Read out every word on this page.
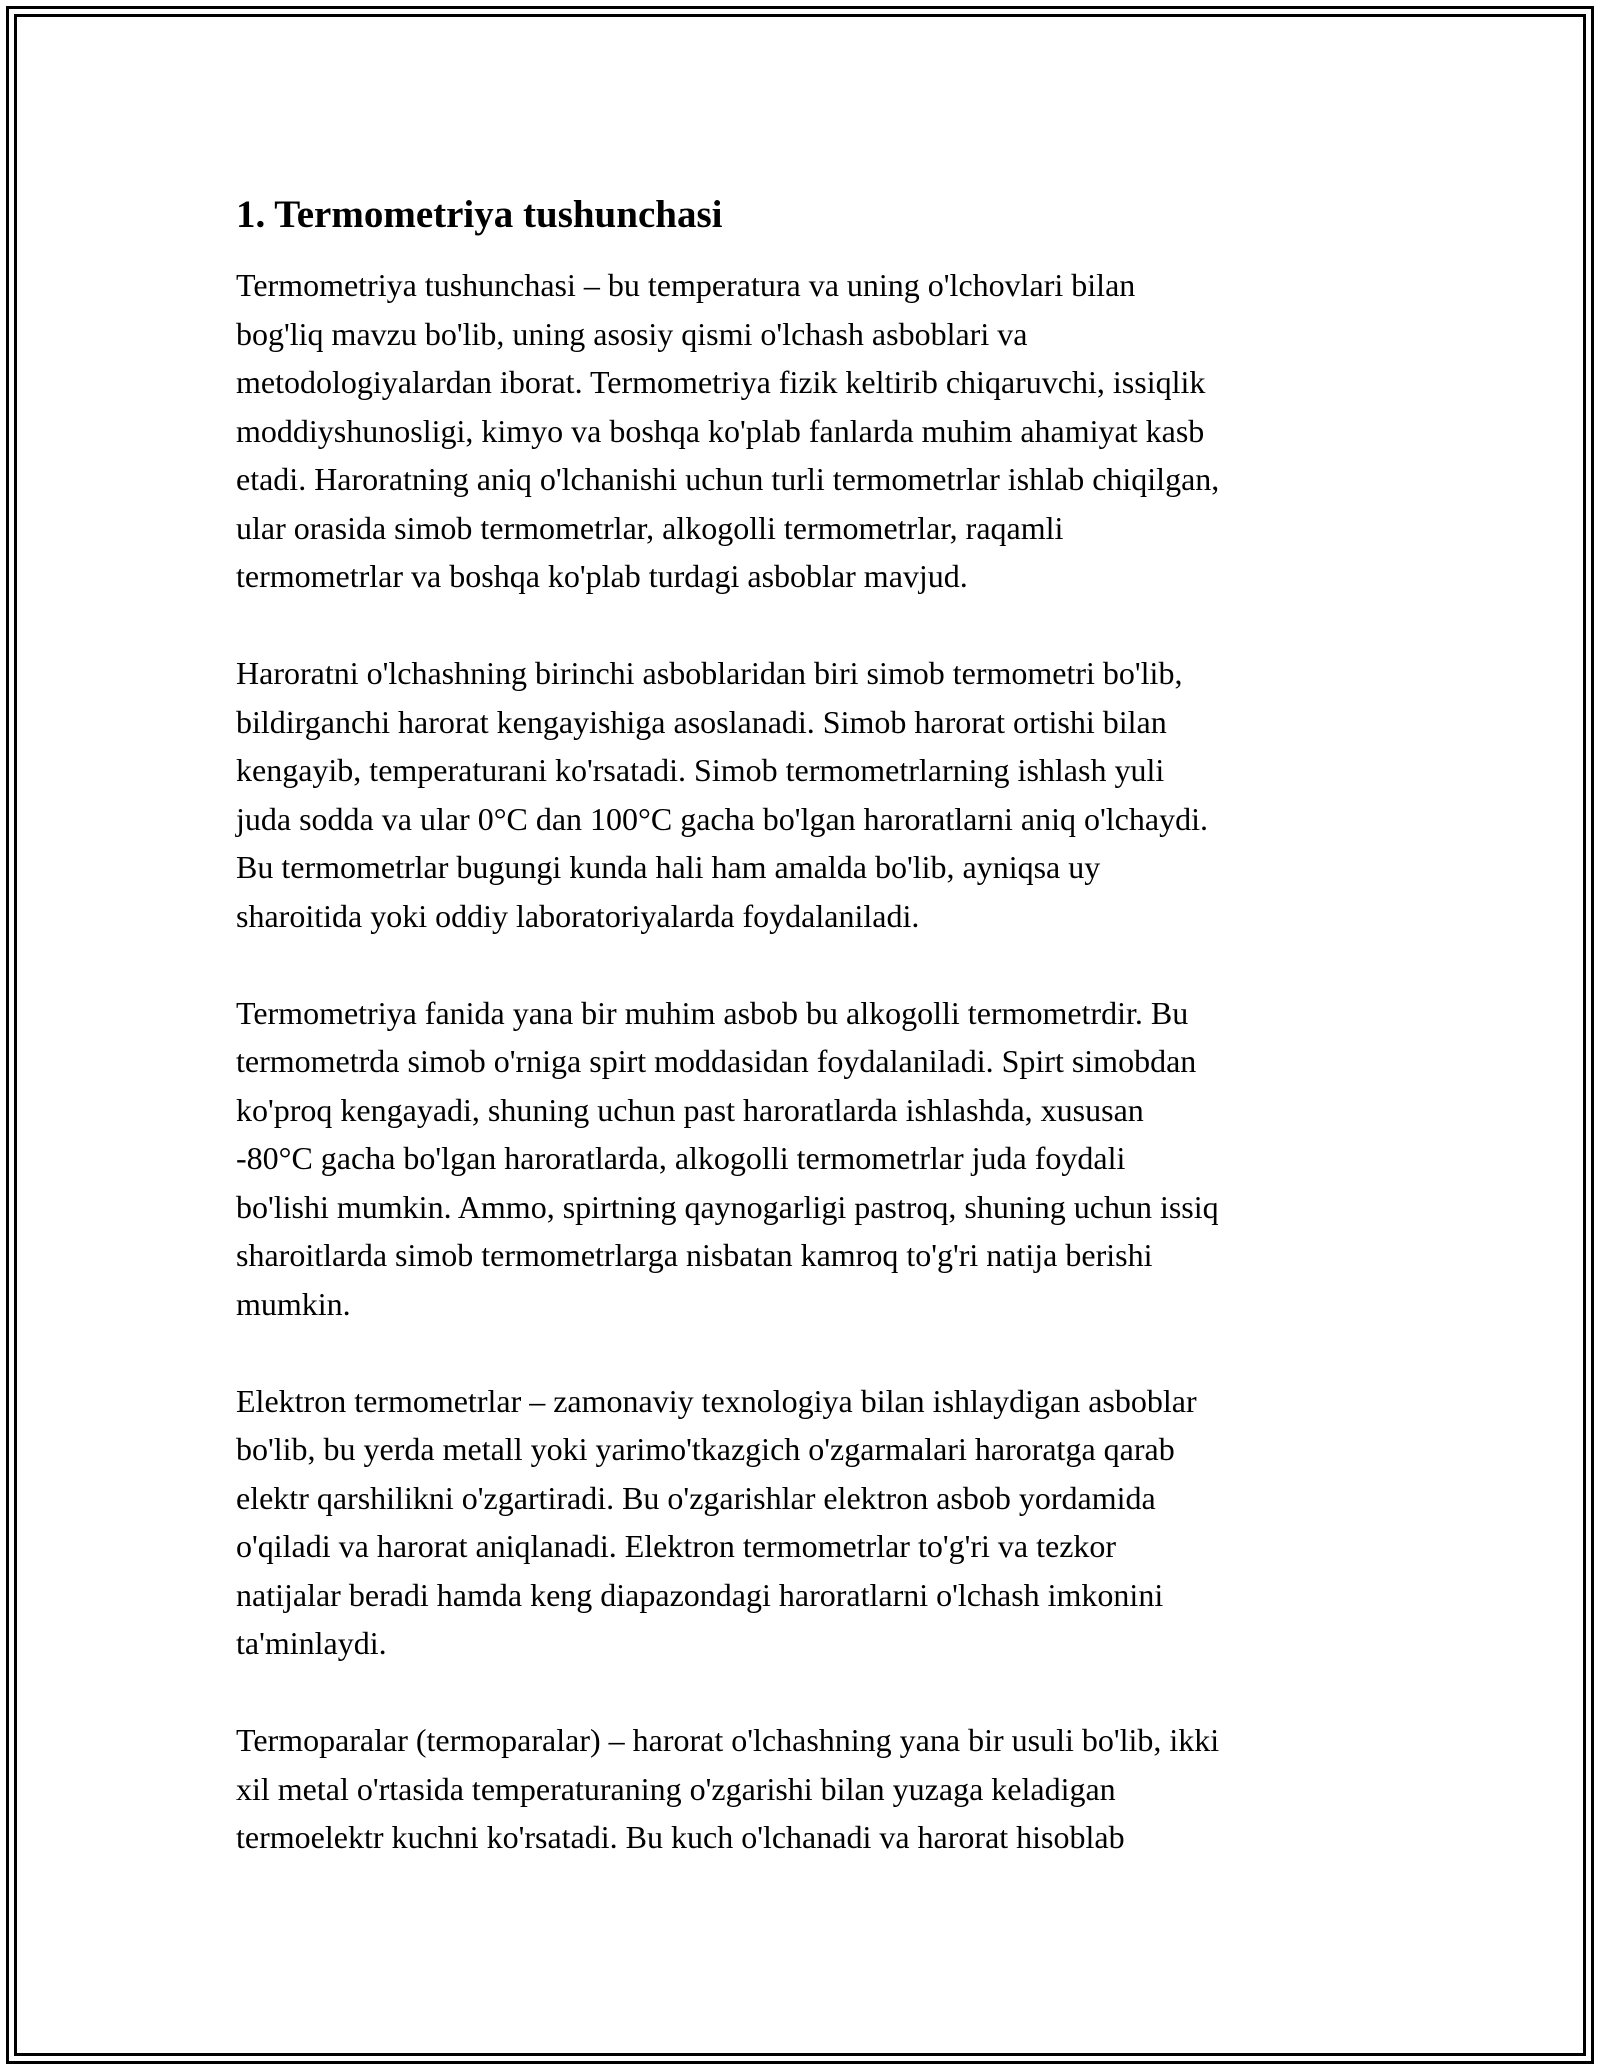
1. Termometriya tushunchasi
Termometriya tushunchasi – bu temperatura va uning o'lchovlari bilan
bog'liq mavzu bo'lib, uning asosiy qismi o'lchash asboblari va
metodologiyalardan iborat. Termometriya fizik keltirib chiqaruvchi, issiqlik
moddiyshunosligi, kimyo va boshqa ko'plab fanlarda muhim ahamiyat kasb
etadi. Haroratning aniq o'lchanishi uchun turli termometrlar ishlab chiqilgan,
ular orasida simob termometrlar, alkogolli termometrlar, raqamli
termometrlar va boshqa ko'plab turdagi asboblar mavjud.
Haroratni o'lchashning birinchi asboblaridan biri simob termometri bo'lib,
bildirganchi harorat kengayishiga asoslanadi. Simob harorat ortishi bilan
kengayib, temperaturani ko'rsatadi. Simob termometrlarning ishlash yuli
juda sodda va ular 0°C dan 100°C gacha bo'lgan haroratlarni aniq o'lchaydi.
Bu termometrlar bugungi kunda hali ham amalda bo'lib, ayniqsa uy
sharoitida yoki oddiy laboratoriyalarda foydalaniladi.
Termometriya fanida yana bir muhim asbob bu alkogolli termometrdir. Bu
termometrda simob o'rniga spirt moddasidan foydalaniladi. Spirt simobdan
ko'proq kengayadi, shuning uchun past haroratlarda ishlashda, xususan
-80°C gacha bo'lgan haroratlarda, alkogolli termometrlar juda foydali
bo'lishi mumkin. Ammo, spirtning qaynogarligi pastroq, shuning uchun issiq
sharoitlarda simob termometrlarga nisbatan kamroq to'g'ri natija berishi
mumkin.
Elektron termometrlar – zamonaviy texnologiya bilan ishlaydigan asboblar
bo'lib, bu yerda metall yoki yarimo'tkazgich o'zgarmalari haroratga qarab
elektr qarshilikni o'zgartiradi. Bu o'zgarishlar elektron asbob yordamida
o'qiladi va harorat aniqlanadi. Elektron termometrlar to'g'ri va tezkor
natijalar beradi hamda keng diapazondagi haroratlarni o'lchash imkonini
ta'minlaydi.
Termoparalar (termoparalar) – harorat o'lchashning yana bir usuli bo'lib, ikki
xil metal o'rtasida temperaturaning o'zgarishi bilan yuzaga keladigan
termoelektr kuchni ko'rsatadi. Bu kuch o'lchanadi va harorat hisoblab
